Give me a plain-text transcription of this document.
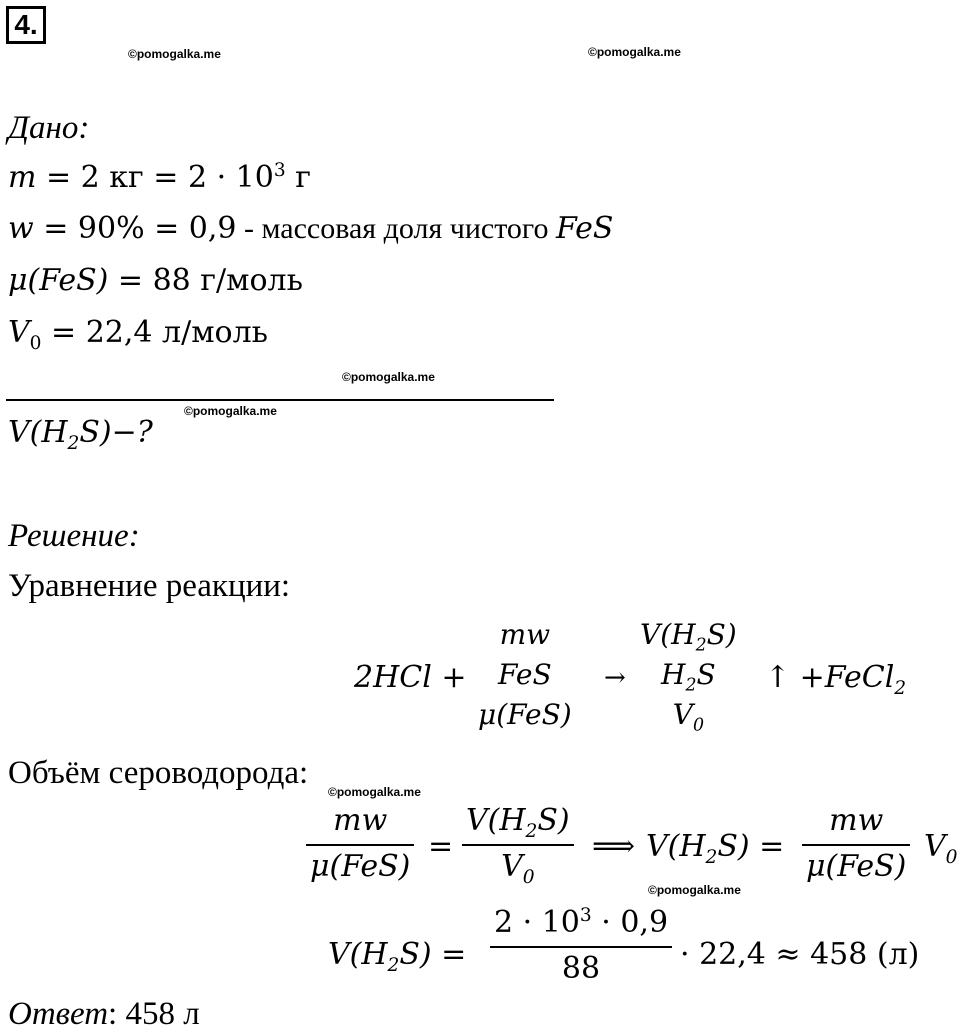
4.
©pomogalka.me	©pomogalka.me
©pomogalka.me
©pomogalka.me
©pomogalka.me
©pomogalka.me
Дано:
m = 2 кг = $2 \cdot 10^3$ г
w = 90% = 0,9 - массовая доля чистого FeS
μ(FeS) = 88 г/моль
$V_0 = 22,4$ л/моль
$V(H_2S)-$?
Решение:
Уравнение реакции:
2HCl +
mw
FeS
μ(FeS)
→
$V(H_2S)$
$H_2S$
$V_0$
↑ +FeCl$_2$
Объём сероводорода:
mw
μ(FeS)
=
$V(H_2S)$
$V_0$
⟹ $V(H_2S)$ =
mw
μ(FeS)
$V_0$
$V(H_2S)$ =
$2 \cdot 10^3 \cdot 0,9$
88	· 22,4 ≈ 458 (л)
Ответ: 458 л
